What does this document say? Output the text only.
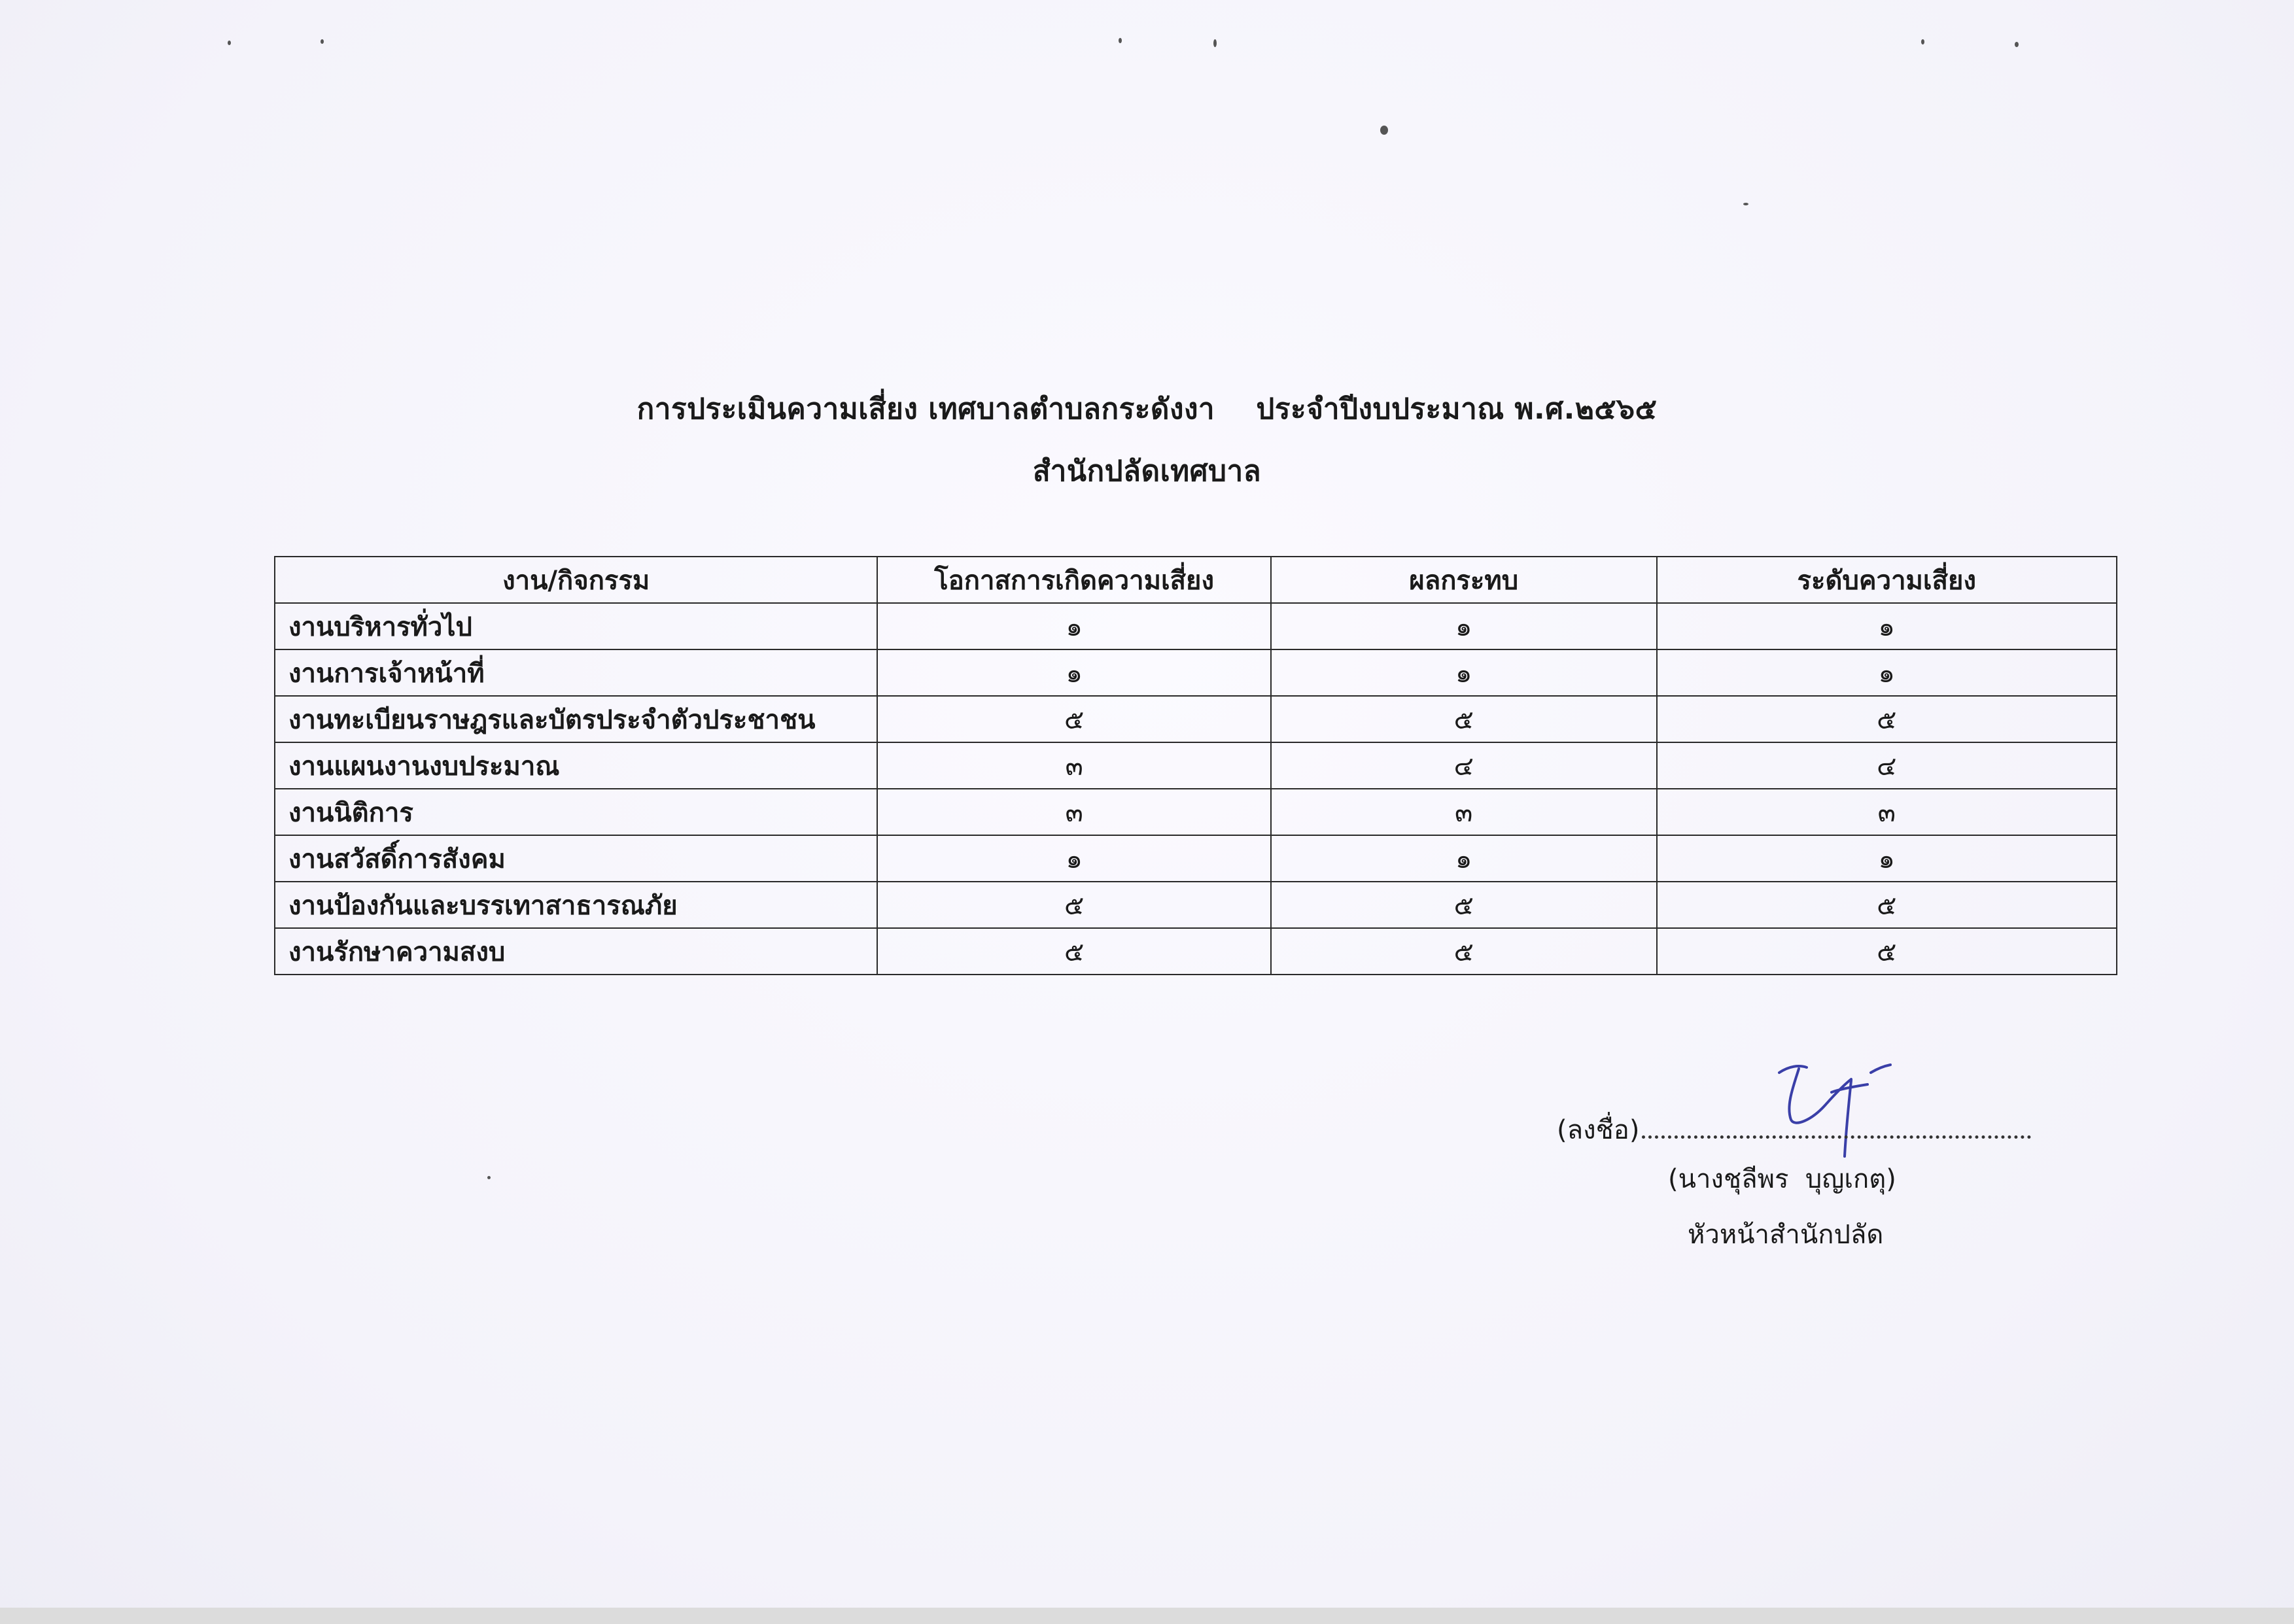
การประเมินความเสี่ยง เทศบาลตำบลกระดังงา    ประจำปีงบประมาณ พ.ศ.๒๕๖๕
สำนักปลัดเทศบาล
งาน/กิจกรรม	โอกาสการเกิดความเสี่ยง	ผลกระทบ	ระดับความเสี่ยง
งานบริหารทั่วไป	๑	๑	๑
งานการเจ้าหน้าที่	๑	๑	๑
งานทะเบียนราษฎรและบัตรประจำตัวประชาชน	๕	๕	๕
งานแผนงานงบประมาณ	๓	๔	๔
งานนิติการ	๓	๓	๓
งานสวัสดิ์การสังคม	๑	๑	๑
งานป้องกันและบรรเทาสาธารณภัย	๕	๕	๕
งานรักษาความสงบ	๕	๕	๕
(ลงชื่อ)
(นางชุลีพร  บุญเกตุ)
หัวหน้าสำนักปลัด
